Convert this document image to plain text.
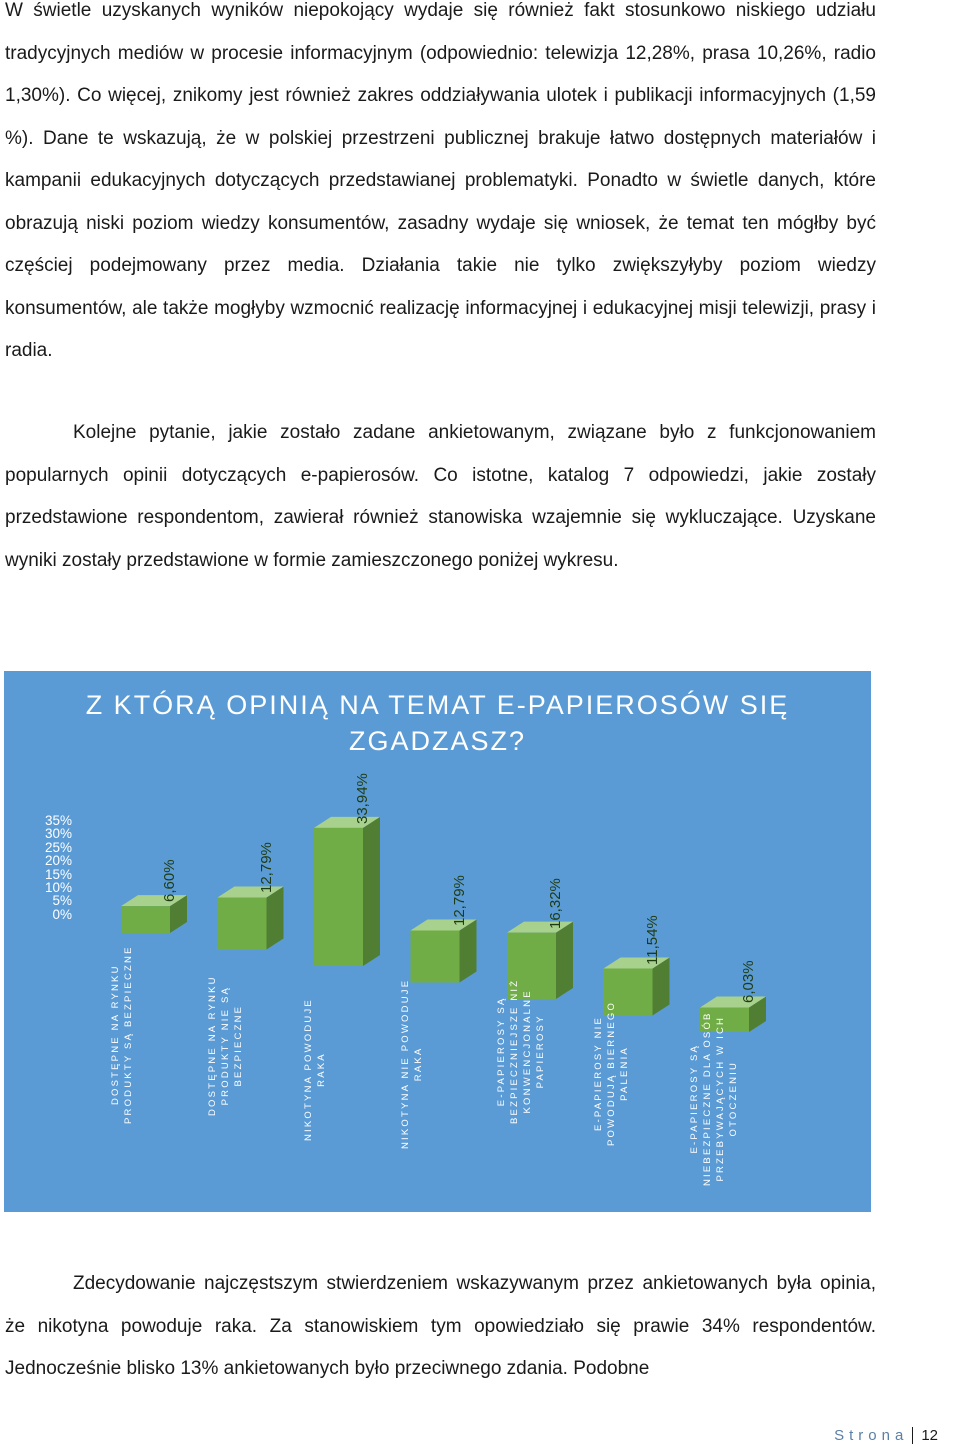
W świetle uzyskanych wyników niepokojący wydaje się również fakt stosunkowo niskiego udziału tradycyjnych mediów w procesie informacyjnym (odpowiednio: telewizja 12,28%, prasa 10,26%, radio 1,30%). Co więcej, znikomy jest również zakres oddziaływania ulotek i publikacji informacyjnych (1,59 %). Dane te wskazują, że w polskiej przestrzeni publicznej brakuje łatwo dostępnych materiałów i kampanii edukacyjnych dotyczących przedstawianej problematyki. Ponadto w świetle danych, które obrazują niski poziom wiedzy konsumentów, zasadny wydaje się wniosek, że temat ten mógłby być częściej podejmowany przez media. Działania takie nie tylko zwiększyłyby poziom wiedzy konsumentów, ale także mogłyby wzmocnić realizację informacyjnej i edukacyjnej misji telewizji, prasy i radia.

Kolejne pytanie, jakie zostało zadane ankietowanym, związane było z funkcjonowaniem popularnych opinii dotyczących e-papierosów. Co istotne, katalog 7 odpowiedzi, jakie zostały przedstawione respondentom, zawierał również stanowiska wzajemnie się wykluczające. Uzyskane wyniki zostały przedstawione w formie zamieszczonego poniżej wykresu.

Z KTÓRĄ OPINIĄ NA TEMAT E-PAPIEROSÓW SIĘ
ZGADZASZ?
35%
30%
25%
20%
15%
10%
5%
0%
6,60%
DOSTĘPNE NA RYNKU PRODUKTY SĄ BEZPIECZNE
12,79%
DOSTĘPNE NA RYNKU PRODUKTY NIE SĄ BEZPIECZNE
33,94%
NIKOTYNA POWODUJE RAKA
12,79%
NIKOTYNA NIE POWODUJE RAKA
16,32%
E-PAPIEROSY SĄ BEZPIECZNIEJSZE NIŻ KONWENCJONALNE PAPIEROSY
11,54%
E-PAPIEROSY NIE POWODUJĄ BIERNEGO PALENIA
6,03%
E-PAPIEROSY SĄ NIEBEZPIECZNE DLA OSÓB PRZEBYWAJĄCYCH W ICH OTOCZENIU

Zdecydowanie najczęstszym stwierdzeniem wskazywanym przez ankietowanych była opinia, że nikotyna powoduje raka. Za stanowiskiem tym opowiedziało się prawie 34% respondentów. Jednocześnie blisko 13% ankietowanych było przeciwnego zdania. Podobne

Strona 12
